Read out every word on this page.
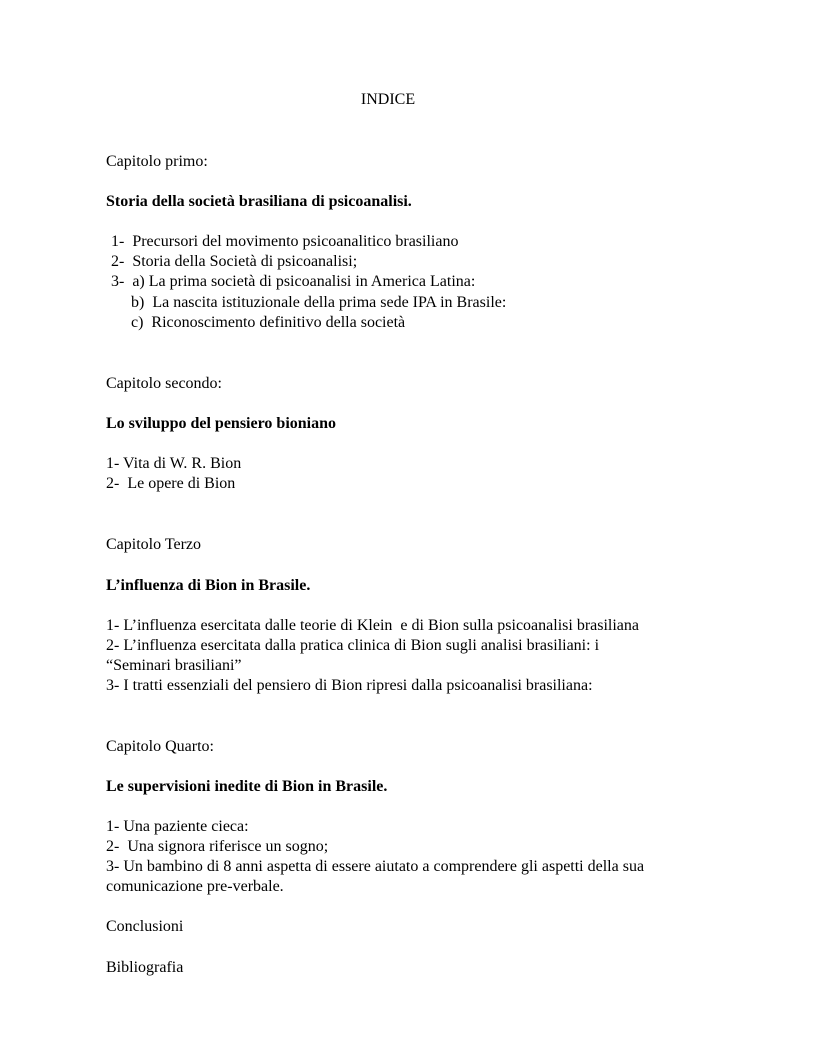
INDICE
Capitolo primo:
Storia della società brasiliana di psicoanalisi.
1-  Precursori del movimento psicoanalitico brasiliano
2-  Storia della Società di psicoanalisi;
3-  a) La prima società di psicoanalisi in America Latina:
b)  La nascita istituzionale della prima sede IPA in Brasile:
c)  Riconoscimento definitivo della società
Capitolo secondo:
Lo sviluppo del pensiero bioniano
1- Vita di W. R. Bion
2-  Le opere di Bion
Capitolo Terzo
L’influenza di Bion in Brasile.
1- L’influenza esercitata dalle teorie di Klein  e di Bion sulla psicoanalisi brasiliana
2- L’influenza esercitata dalla pratica clinica di Bion sugli analisi brasiliani: i
“Seminari brasiliani”
3- I tratti essenziali del pensiero di Bion ripresi dalla psicoanalisi brasiliana:
Capitolo Quarto:
Le supervisioni inedite di Bion in Brasile.
1- Una paziente cieca:
2-  Una signora riferisce un sogno;
3- Un bambino di 8 anni aspetta di essere aiutato a comprendere gli aspetti della sua
comunicazione pre-verbale.
Conclusioni
Bibliografia
